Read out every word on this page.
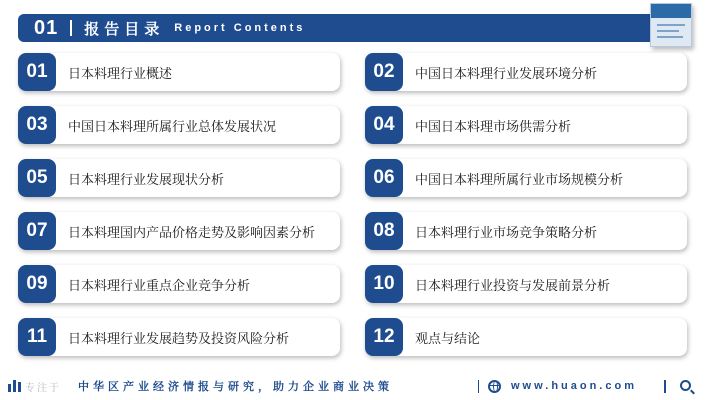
01 报告目录 Report Contents
01	日本料理行业概述	02	中国日本料理行业发展环境分析
03	中国日本料理所属行业总体发展状况	04	中国日本料理市场供需分析
05	日本料理行业发展现状分析	06	中国日本料理所属行业市场规模分析
07	日本料理国内产品价格走势及影响因素分析	08	日本料理行业市场竞争策略分析
09	日本料理行业重点企业竞争分析	10	日本料理行业投资与发展前景分析
11	日本料理行业发展趋势及投资风险分析	12	观点与结论
专注于 中华区产业经济情报与研究，助力企业商业决策	www.huaon.com
